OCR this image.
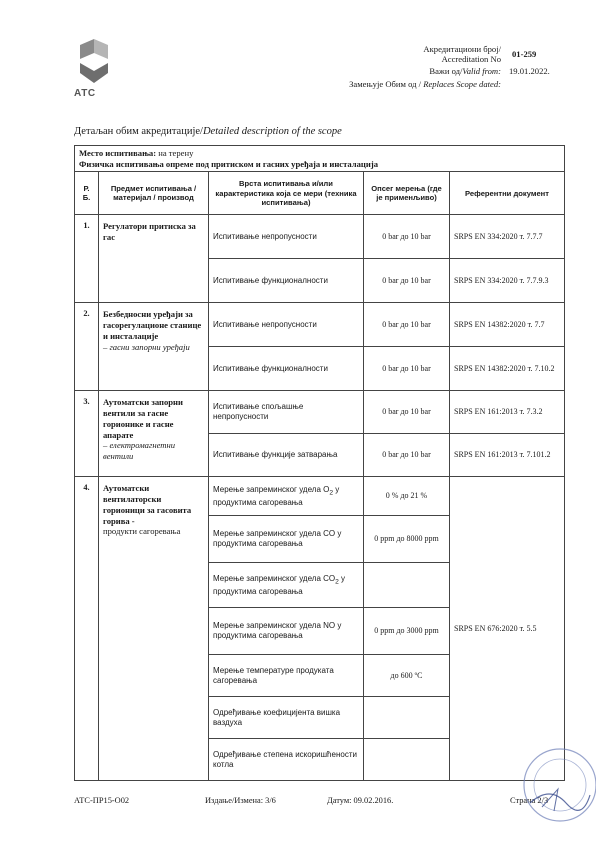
АТС
Акредитациони број/
Accreditation No 01-259
Важи од/Valid from: 19.01.2022.
Замењује Обим од / Replaces Scope dated:
Детаљан обим акредитације/Detailed description of the scope
Место испитивања: на терену
Физичка испитивања опреме под притиском и гасних уређаја и инсталација				
Р. Б.	Предмет испитивања / материјал / производ	Врста испитивања и/или карактеристика која се мери (техника испитивања)	Опсег мерења (где је применљиво)	Референтни документ
1.	Регулатори притиска за гас	Испитивање непропусности	0 bar до 10 bar	SRPS EN 334:2020 т. 7.7.7
		Испитивање функционалности	0 bar до 10 bar	SRPS EN 334:2020 т. 7.7.9.3
2.	Безбедносни уређаји за гасорегулационе станице и инсталације
– гасни запорни уређаји	Испитивање непропусности	0 bar до 10 bar	SRPS EN 14382:2020 т. 7.7
		Испитивање функционалности	0 bar до 10 bar	SRPS EN 14382:2020 т. 7.10.2
3.	Аутоматски запорни вентили за гасне горионике и гасне апарате
– електромагнетни вентили	Испитивање спољашње непропусности	0 bar до 10 bar	SRPS EN 161:2013 т. 7.3.2
		Испитивање функције затварања	0 bar до 10 bar	SRPS EN 161:2013 т. 7.101.2
4.	Аутоматски вентилаторски горионици за гасовита горива -
продукти сагоревања	Мерење запреминског удела $O_2$ у продуктима сагоревања	0 % до 21 %	SRPS EN 676:2020 т. 5.5
		Мерење запреминског удела CO у продуктима сагоревања	0 ppm до 8000 ppm	
		Мерење запреминског удела $CO_2$ у продуктима сагоревања		
		Мерење запреминског удела NO у продуктима сагоревања	0 ppm до 3000 ppm	
		Мерење температуре продуката сагоревања	до 600 ºC	
		Одређивање коефицијента вишка ваздуха		
		Одређивање степена искоришћености котла		
АТС-ПР15-О02	Издање/Измена: 3/6	Датум: 09.02.2016.	Страна 2/3
